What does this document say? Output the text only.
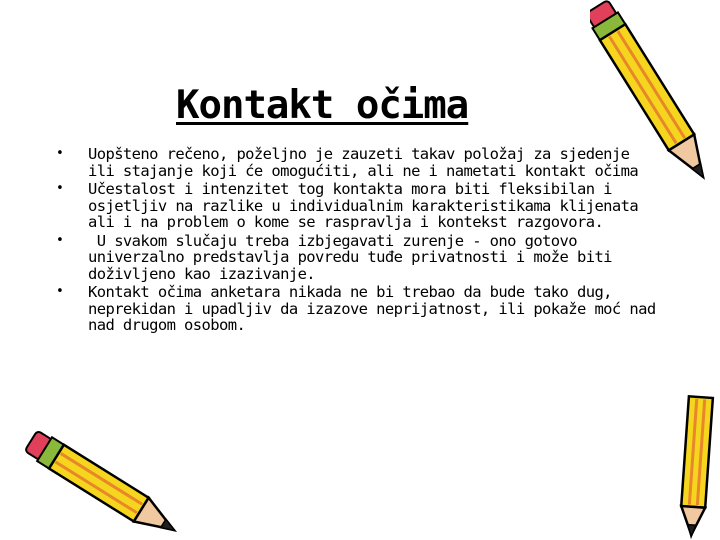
Kontakt očima
• Uopšteno rečeno, poželjno je zauzeti takav položaj za sjedenje ili stajanje koji će omogućiti, ali ne i nametati kontakt očima
• Učestalost i intenzitet tog kontakta mora biti fleksibilan i osjetljiv na razlike u individualnim karakteristikama klijenata ali i na problem o kome se raspravlja i kontekst razgovora.
• U svakom slučaju treba izbjegavati zurenje - ono gotovo univerzalno predstavlja povredu tuđe privatnosti i može biti doživljeno kao izazivanje.
• Kontakt očima anketara nikada ne bi trebao da bude tako dug, neprekidan i upadljiv da izazove neprijatnost, ili pokaže moć nad nad drugom osobom.
